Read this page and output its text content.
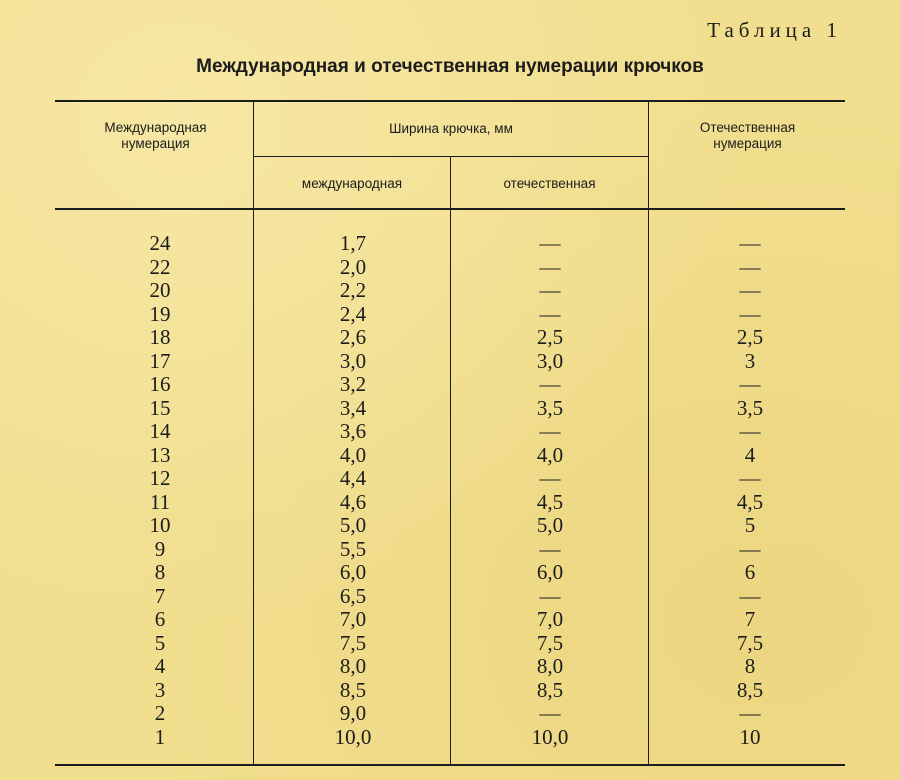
Таблица 1
Международная и отечественная нумерации крючков
Международная
нумерация
Ширина крючка, мм
международная	отечественная
Отечественная
нумерация
24	1,7	—	—
22	2,0	—	—
20	2,2	—	—
19	2,4	—	—
18	2,6	2,5	2,5
17	3,0	3,0	3
16	3,2	—	—
15	3,4	3,5	3,5
14	3,6	—	—
13	4,0	4,0	4
12	4,4	—	—
11	4,6	4,5	4,5
10	5,0	5,0	5
9	5,5	—	—
8	6,0	6,0	6
7	6,5	—	—
6	7,0	7,0	7
5	7,5	7,5	7,5
4	8,0	8,0	8
3	8,5	8,5	8,5
2	9,0	—	—
1	10,0	10,0	10
